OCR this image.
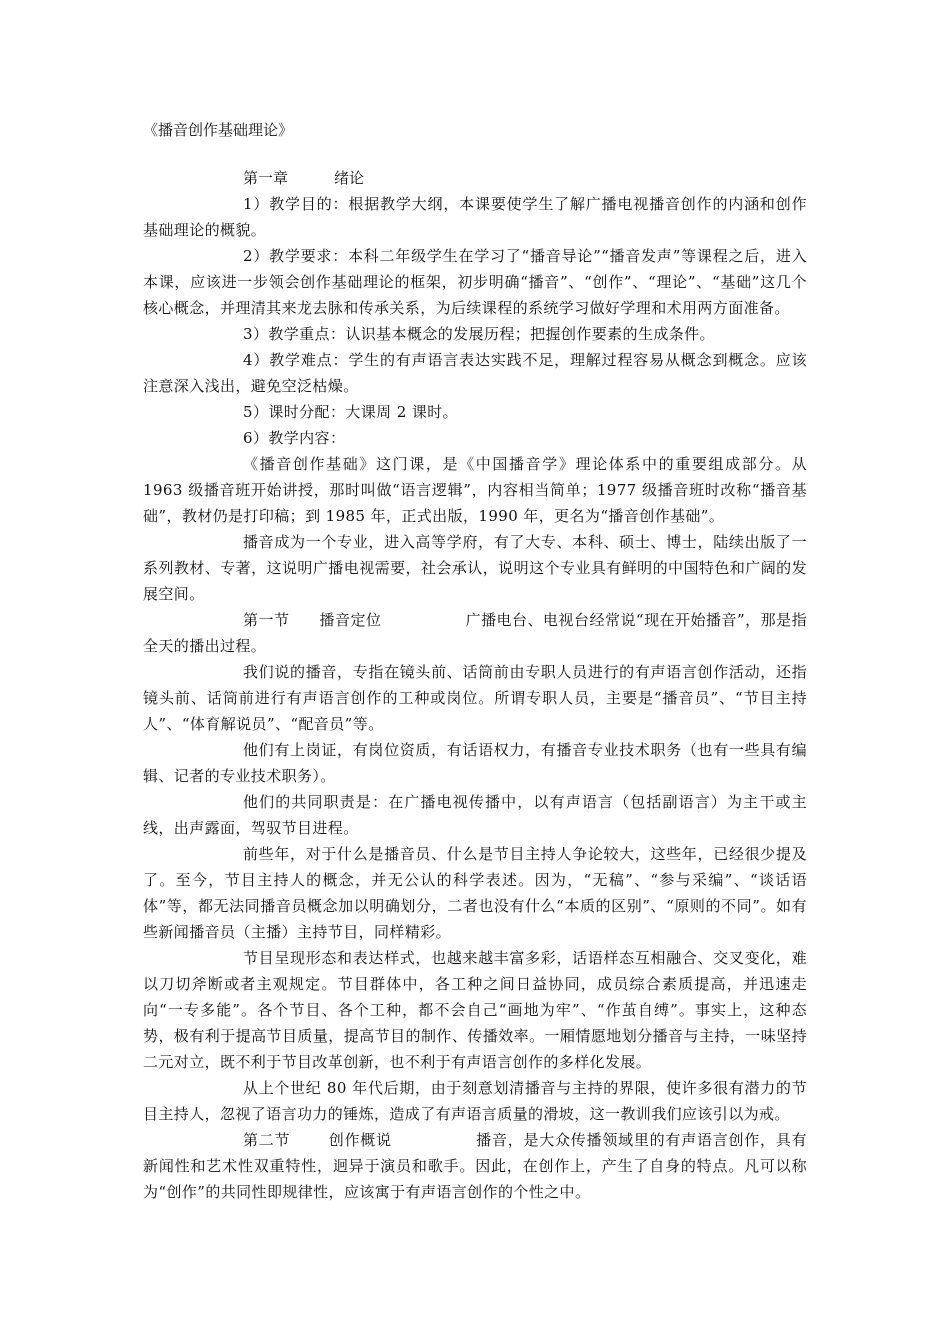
《播音创作基础理论》

第一章	绪论

1）教学目的：根据教学大纲，本课要使学生了解广播电视播音创作的内涵和创作基础理论的概貌。

2）教学要求：本科二年级学生在学习了“播音导论”“播音发声”等课程之后，进入本课，应该进一步领会创作基础理论的框架，初步明确“播音”、“创作”、“理论”、“基础”这几个核心概念，并理清其来龙去脉和传承关系，为后续课程的系统学习做好学理和术用两方面准备。

3）教学重点：认识基本概念的发展历程；把握创作要素的生成条件。

4）教学难点：学生的有声语言表达实践不足，理解过程容易从概念到概念。应该注意深入浅出，避免空泛枯燥。

5）课时分配：大课周 2 课时。

6）教学内容：

《播音创作基础》这门课，是《中国播音学》理论体系中的重要组成部分。从 1963 级播音班开始讲授，那时叫做“语言逻辑”，内容相当简单；1977 级播音班时改称“播音基础”，教材仍是打印稿；到 1985 年，正式出版，1990 年，更名为“播音创作基础”。

播音成为一个专业，进入高等学府，有了大专、本科、硕士、博士，陆续出版了一系列教材、专著，这说明广播电视需要，社会承认，说明这个专业具有鲜明的中国特色和广阔的发展空间。

第一节 播音定位	广播电台、电视台经常说“现在开始播音”，那是指全天的播出过程。

我们说的播音，专指在镜头前、话筒前由专职人员进行的有声语言创作活动，还指镜头前、话筒前进行有声语言创作的工种或岗位。所谓专职人员，主要是“播音员”、“节目主持人”、“体育解说员”、“配音员”等。

他们有上岗证，有岗位资质，有话语权力，有播音专业技术职务（也有一些具有编辑、记者的专业技术职务）。

他们的共同职责是：在广播电视传播中，以有声语言（包括副语言）为主干或主线，出声露面，驾驭节目进程。

前些年，对于什么是播音员、什么是节目主持人争论较大，这些年，已经很少提及了。至今，节目主持人的概念，并无公认的科学表述。因为，“无稿”、“参与采编”、“谈话语体”等，都无法同播音员概念加以明确划分，二者也没有什么“本质的区别”、“原则的不同”。如有些新闻播音员（主播）主持节目，同样精彩。

节目呈现形态和表达样式，也越来越丰富多彩，话语样态互相融合、交叉变化，难以刀切斧断或者主观规定。节目群体中，各工种之间日益协同，成员综合素质提高，并迅速走向“一专多能”。各个节目、各个工种，都不会自己“画地为牢”、“作茧自缚”。事实上，这种态势，极有利于提高节目质量，提高节目的制作、传播效率。一厢情愿地划分播音与主持，一味坚持二元对立，既不利于节目改革创新，也不利于有声语言创作的多样化发展。

从上个世纪 80 年代后期，由于刻意划清播音与主持的界限，使许多很有潜力的节目主持人，忽视了语言功力的锤炼，造成了有声语言质量的滑坡，这一教训我们应该引以为戒。

第二节	创作概说	播音，是大众传播领域里的有声语言创作，具有新闻性和艺术性双重特性，迥异于演员和歌手。因此，在创作上，产生了自身的特点。凡可以称为“创作”的共同性即规律性，应该寓于有声语言创作的个性之中。
